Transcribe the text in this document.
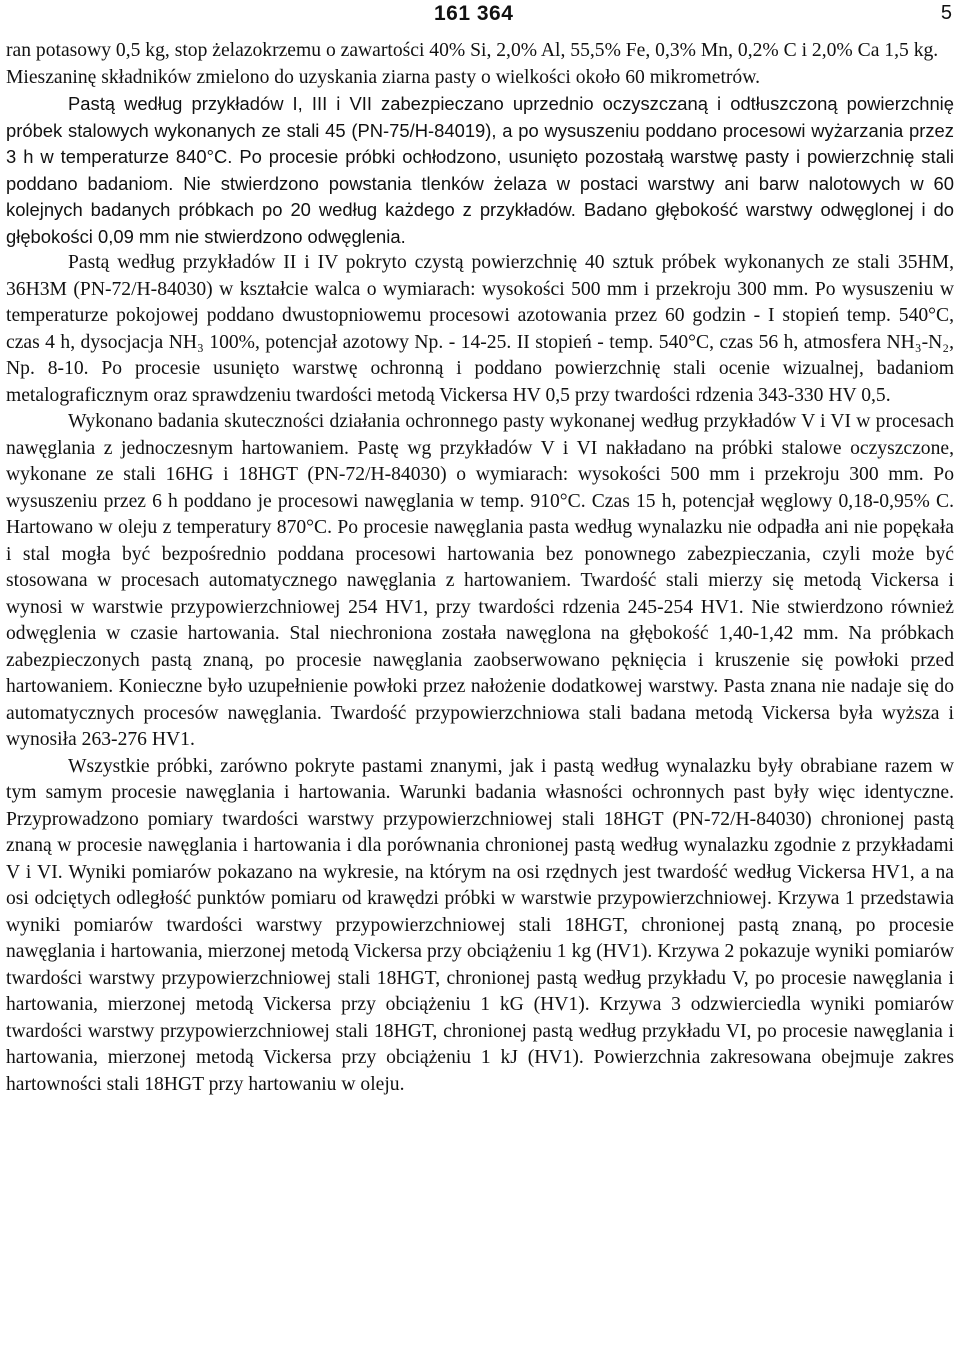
161 364	5

ran potasowy 0,5 kg, stop żelazokrzemu o zawartości 40% Si, 2,0% Al, 55,5% Fe, 0,3% Mn, 0,2% C i 2,0% Ca 1,5 kg.

Mieszaninę składników zmielono do uzyskania ziarna pasty o wielkości około 60 mikrometrów.

Pastą według przykładów I, III i VII zabezpieczano uprzednio oczyszczaną i odtłuszczoną powierzchnię próbek stalowych wykonanych ze stali 45 (PN-75/H-84019), a po wysuszeniu poddano procesowi wyżarzania przez 3 h w temperaturze 840°C. Po procesie próbki ochłodzono, usunięto pozostałą warstwę pasty i powierzchnię stali poddano badaniom. Nie stwierdzono powstania tlenków żelaza w postaci warstwy ani barw nalotowych w 60 kolejnych badanych próbkach po 20 według każdego z przykładów. Badano głębokość warstwy odwęglonej i do głębokości 0,09 mm nie stwierdzono odwęglenia.

Pastą według przykładów II i IV pokryto czystą powierzchnię 40 sztuk próbek wykonanych ze stali 35HM, 36H3M (PN-72/H-84030) w kształcie walca o wymiarach: wysokości 500 mm i przekroju 300 mm. Po wysuszeniu w temperaturze pokojowej poddano dwustopniowemu procesowi azotowania przez 60 godzin - I stopień temp. 540°C, czas 4 h, dysocjacja NH₃ 100%, potencjał azotowy Np. - 14-25. II stopień - temp. 540°C, czas 56 h, atmosfera NH₃-N₂, Np. 8-10. Po procesie usunięto warstwę ochronną i poddano powierzchnię stali ocenie wizualnej, badaniom metalograficznym oraz sprawdzeniu twardości metodą Vickersa HV 0,5 przy twardości rdzenia 343-330 HV 0,5.

Wykonano badania skuteczności działania ochronnego pasty wykonanej według przykładów V i VI w procesach nawęglania z jednoczesnym hartowaniem. Pastę wg przykładów V i VI nakładano na próbki stalowe oczyszczone, wykonane ze stali 16HG i 18HGT (PN-72/H-84030) o wymiarach: wysokości 500 mm i przekroju 300 mm. Po wysuszeniu przez 6 h poddano je procesowi nawęglania w temp. 910°C. Czas 15 h, potencjał węglowy 0,18-0,95% C. Hartowano w oleju z temperatury 870°C. Po procesie nawęglania pasta według wynalazku nie odpadła ani nie popękała i stal mogła być bezpośrednio poddana procesowi hartowania bez ponownego zabezpieczania, czyli może być stosowana w procesach automatycznego nawęglania z hartowaniem. Twardość stali mierzy się metodą Vickersa i wynosi w warstwie przypowierzchniowej 254 HV1, przy twardości rdzenia 245-254 HV1. Nie stwierdzono również odwęglenia w czasie hartowania. Stal niechroniona została nawęglona na głębokość 1,40-1,42 mm. Na próbkach zabezpieczonych pastą znaną, po procesie nawęglania zaobserwowano pęknięcia i kruszenie się powłoki przed hartowaniem. Konieczne było uzupełnienie powłoki przez nałożenie dodatkowej warstwy. Pasta znana nie nadaje się do automatycznych procesów nawęglania. Twardość przypowierzchniowa stali badana metodą Vickersa była wyższa i wynosiła 263-276 HV1.

Wszystkie próbki, zarówno pokryte pastami znanymi, jak i pastą według wynalazku były obrabiane razem w tym samym procesie nawęglania i hartowania. Warunki badania własności ochronnych past były więc identyczne. Przyprowadzono pomiary twardości warstwy przypowierzchniowej stali 18HGT (PN-72/H-84030) chronionej pastą znaną w procesie nawęglania i hartowania i dla porównania chronionej pastą według wynalazku zgodnie z przykładami V i VI. Wyniki pomiarów pokazano na wykresie, na którym na osi rzędnych jest twardość według Vickersa HV1, a na osi odciętych odległość punktów pomiaru od krawędzi próbki w warstwie przypowierzchniowej. Krzywa 1 przedstawia wyniki pomiarów twardości warstwy przypowierzchniowej stali 18HGT, chronionej pastą znaną, po procesie nawęglania i hartowania, mierzonej metodą Vickersa przy obciążeniu 1 kg (HV1). Krzywa 2 pokazuje wyniki pomiarów twardości warstwy przypowierzchniowej stali 18HGT, chronionej pastą według przykładu V, po procesie nawęglania i hartowania, mierzonej metodą Vickersa przy obciążeniu 1 kG (HV1). Krzywa 3 odzwierciedla wyniki pomiarów twardości warstwy przypowierzchniowej stali 18HGT, chronionej pastą według przykładu VI, po procesie nawęglania i hartowania, mierzonej metodą Vickersa przy obciążeniu 1 kJ (HV1). Powierzchnia zakresowana obejmuje zakres hartowności stali 18HGT przy hartowaniu w oleju.
